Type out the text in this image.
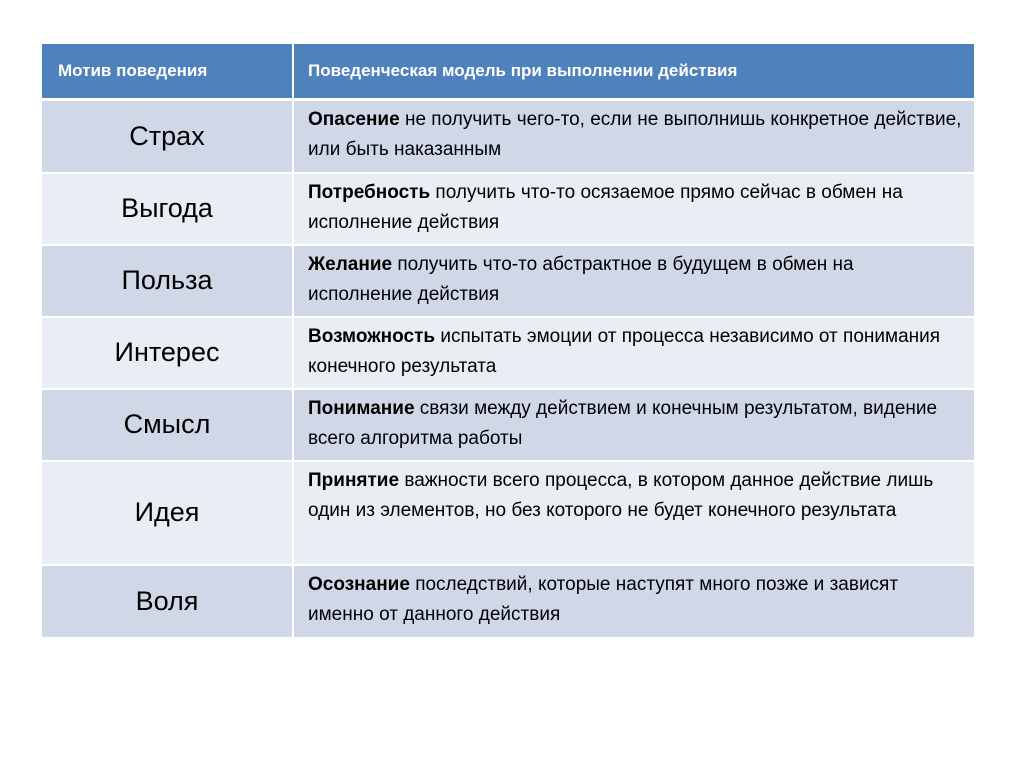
Мотив поведения	Поведенческая модель при выполнении действия
Страх	Опасение не получить чего-то, если не выполнишь конкретное действие, или быть наказанным
Выгода	Потребность получить что-то осязаемое прямо сейчас в обмен на исполнение действия
Польза	Желание получить что-то абстрактное в будущем в обмен на исполнение действия
Интерес	Возможность испытать эмоции от процесса независимо от понимания конечного результата
Смысл	Понимание связи между действием и конечным результатом, видение всего алгоритма работы
Идея	Принятие важности всего процесса, в котором данное действие лишь один из элементов, но без которого не будет конечного результата
Воля	Осознание последствий, которые наступят много позже и зависят именно от данного действия
